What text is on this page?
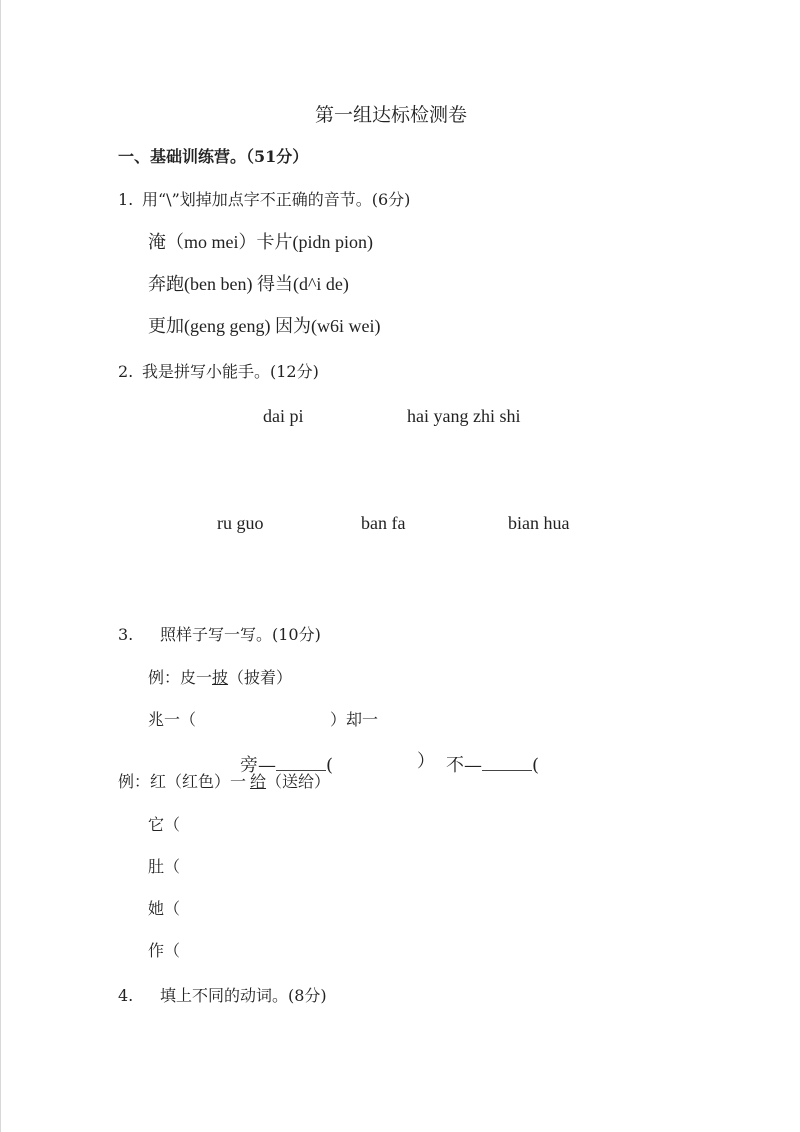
第一组达标检测卷
一、基础训练营。（51分）
1. 用“\”划掉加点字不正确的音节。(6分)
淹（mo mei）卡片(pidn pion)
奔跑(ben ben) 得当(d^i de)
更加(geng geng) 因为(w6i wei)
2. 我是拼写小能手。(12分)
dai pi	hai yang zhi shi
ru guo	ban fa	bian hua
3. 照样子写一写。(10分)
例：皮一披（披着）
兆一（	）却一
旁—	(	） 不—	(
例：红（红色）一 给（送给）
它（
肚（
她（
作（
4. 填上不同的动词。(8分)
